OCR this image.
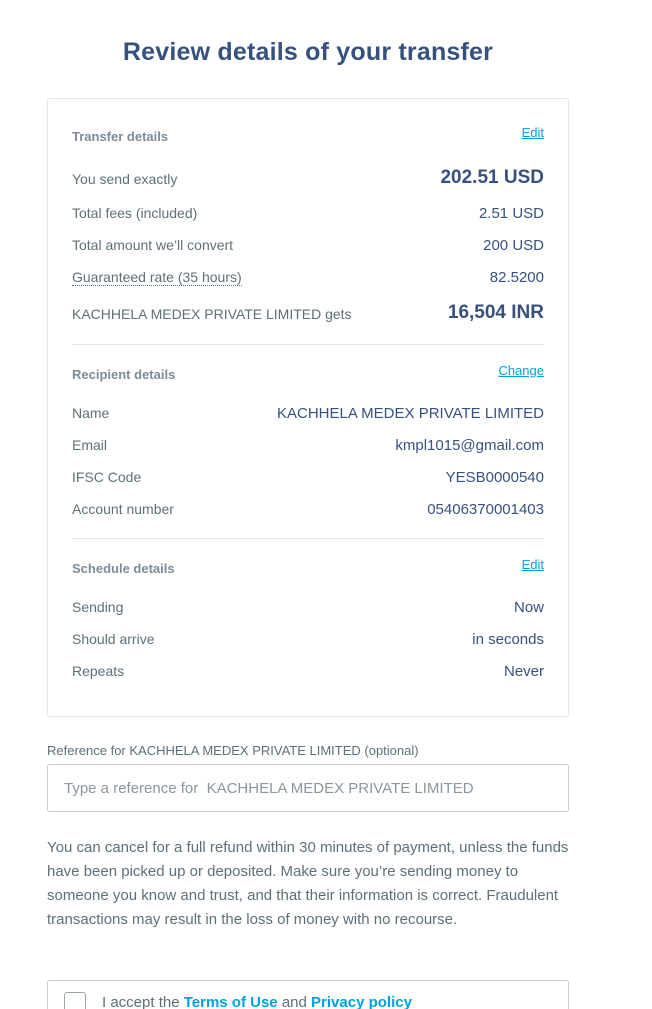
Review details of your transfer
Transfer details	Edit
You send exactly	202.51 USD
Total fees (included)	2.51 USD
Total amount we’ll convert	200 USD
Guaranteed rate (35 hours)	82.5200
KACHHELA MEDEX PRIVATE LIMITED gets	16,504 INR
Recipient details	Change
Name	KACHHELA MEDEX PRIVATE LIMITED
Email	kmpl1015@gmail.com
IFSC Code	YESB0000540
Account number	05406370001403
Schedule details	Edit
Sending	Now
Should arrive	in seconds
Repeats	Never
Reference for KACHHELA MEDEX PRIVATE LIMITED (optional)
Type a reference for KACHHELA MEDEX PRIVATE LIMITED

You can cancel for a full refund within 30 minutes of payment, unless the funds have been picked up or deposited. Make sure you’re sending money to someone you know and trust, and that their information is correct. Fraudulent transactions may result in the loss of money with no recourse.

I accept the Terms of Use and Privacy policy
